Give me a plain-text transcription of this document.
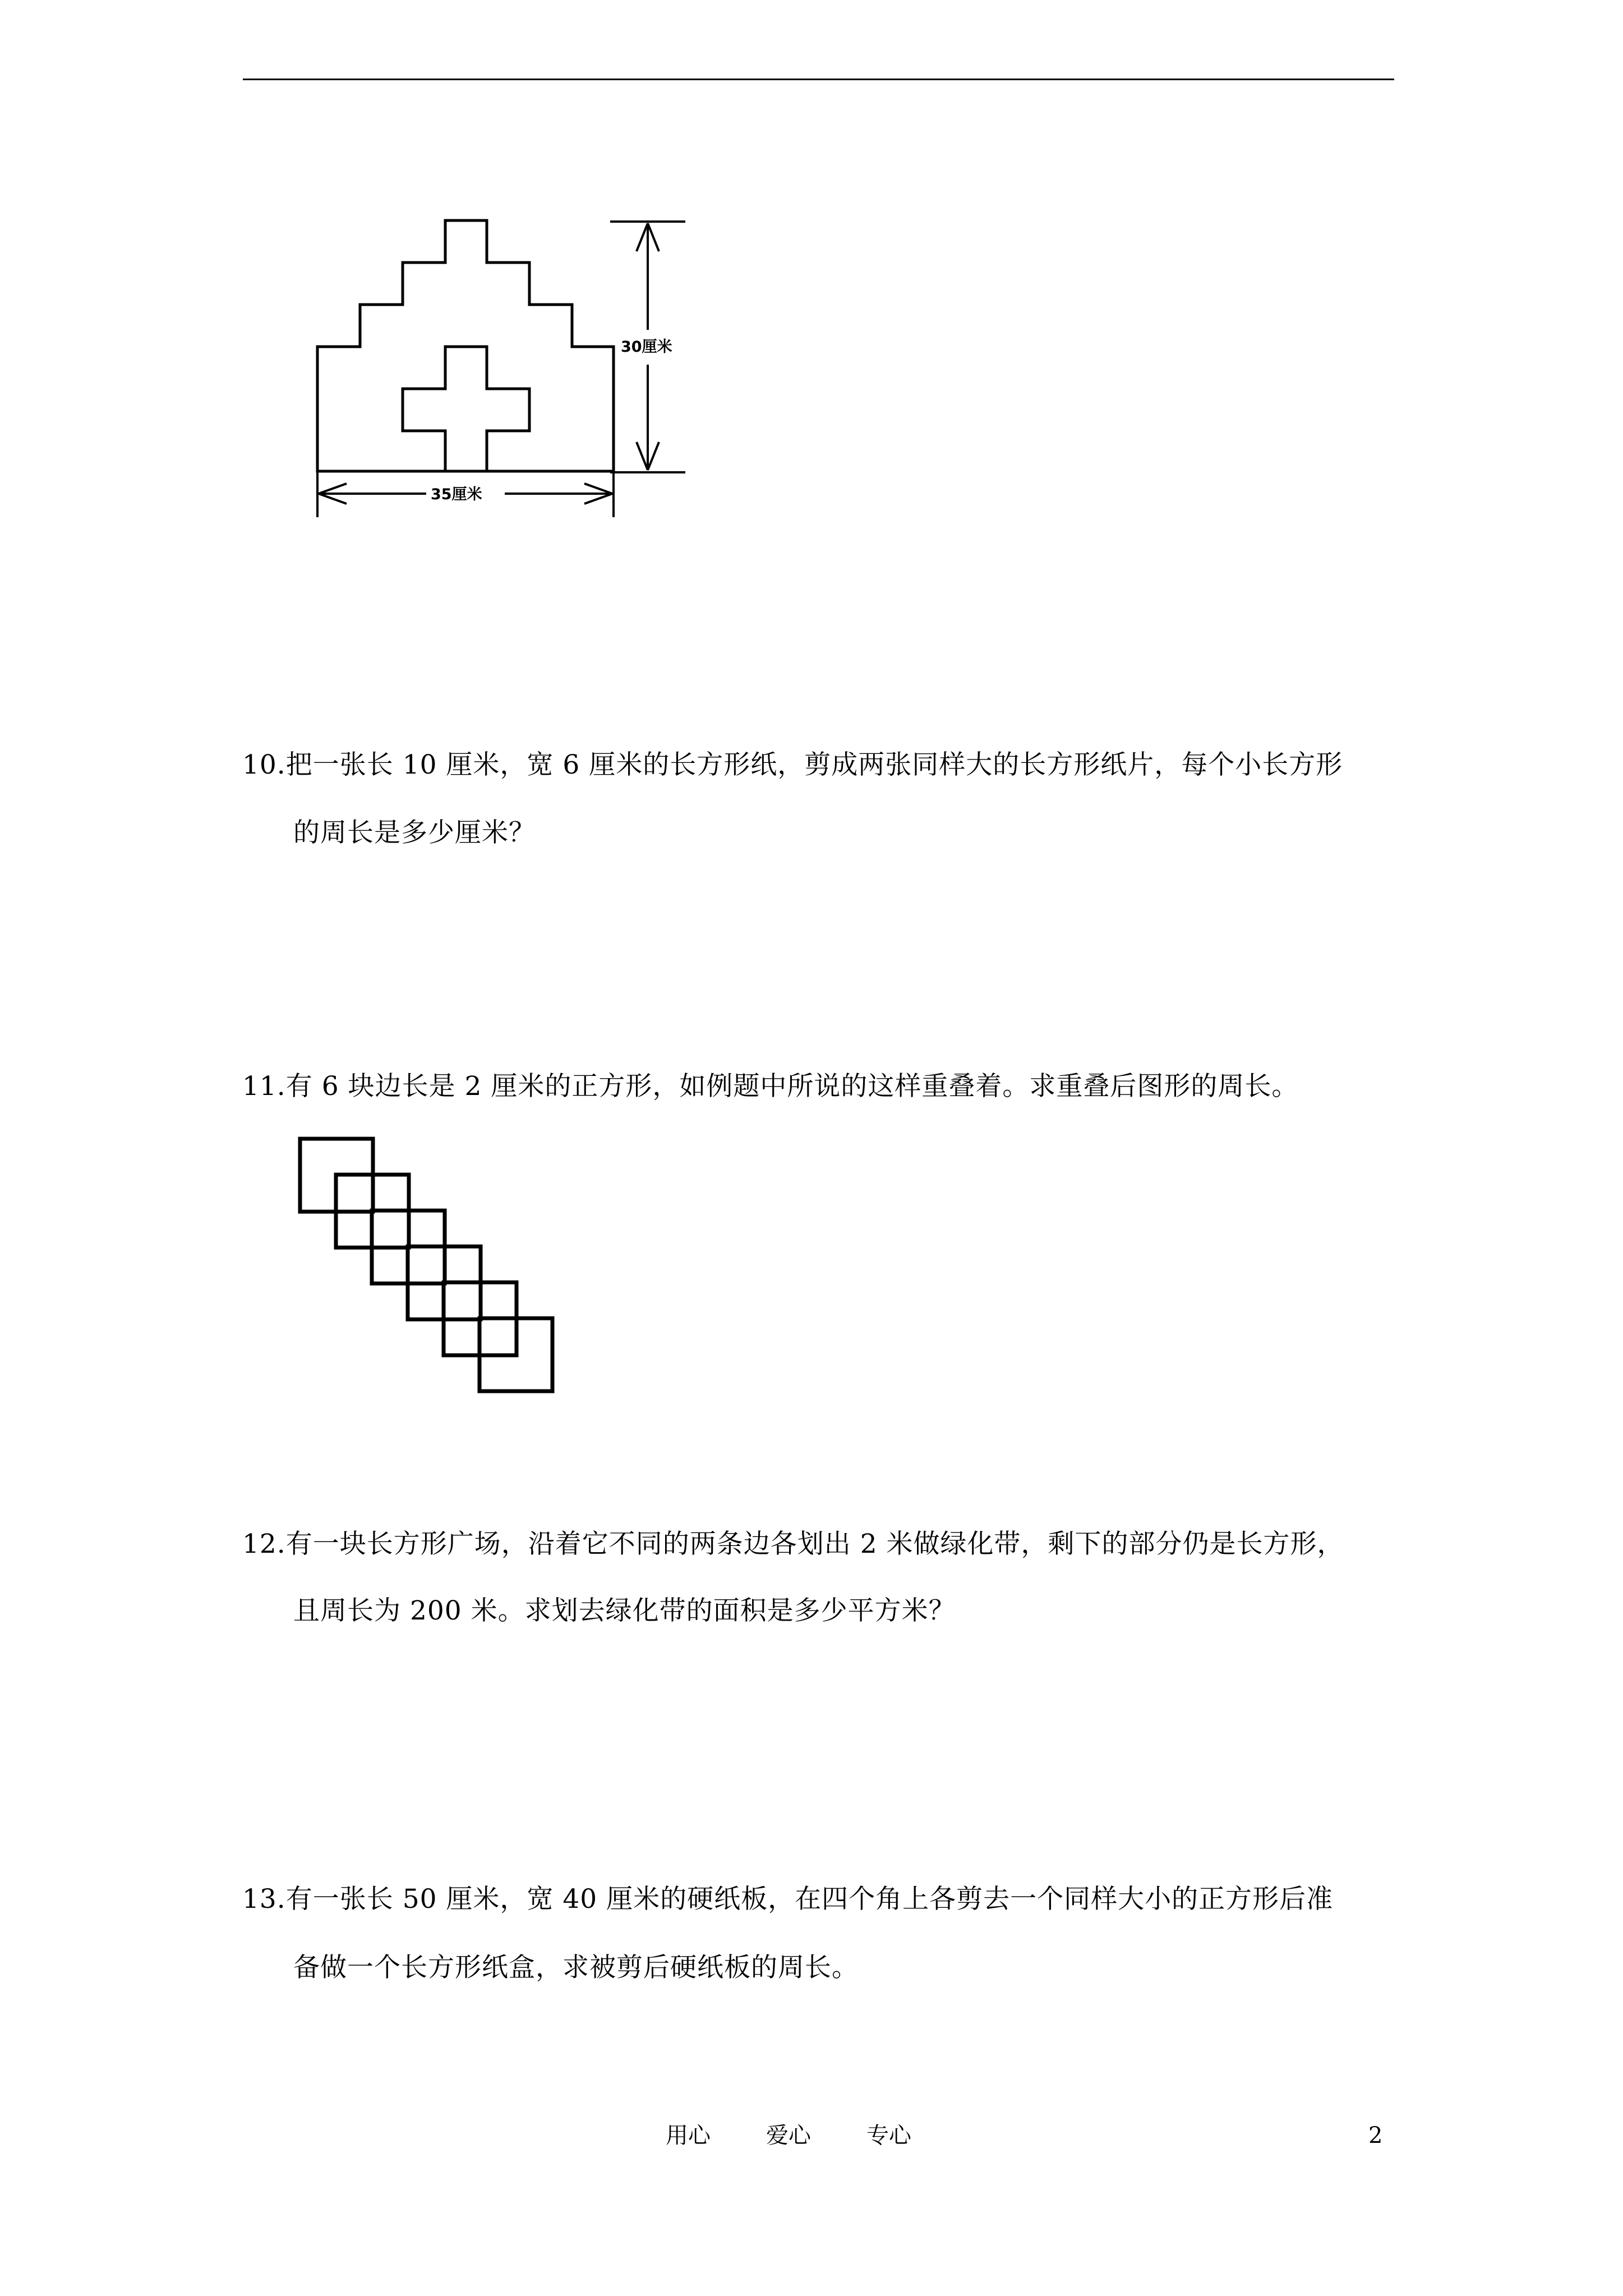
30厘米
35厘米
10.把一张长 10 厘米，宽 6 厘米的长方形纸，剪成两张同样大的长方形纸片，每个小长方形
的周长是多少厘米？
11.有 6 块边长是 2 厘米的正方形，如例题中所说的这样重叠着。求重叠后图形的周长。
12.有一块长方形广场，沿着它不同的两条边各划出 2 米做绿化带，剩下的部分仍是长方形，
且周长为 200 米。求划去绿化带的面积是多少平方米？
13.有一张长 50 厘米，宽 40 厘米的硬纸板，在四个角上各剪去一个同样大小的正方形后准
备做一个长方形纸盒，求被剪后硬纸板的周长。
用心 爱心 专心	2
